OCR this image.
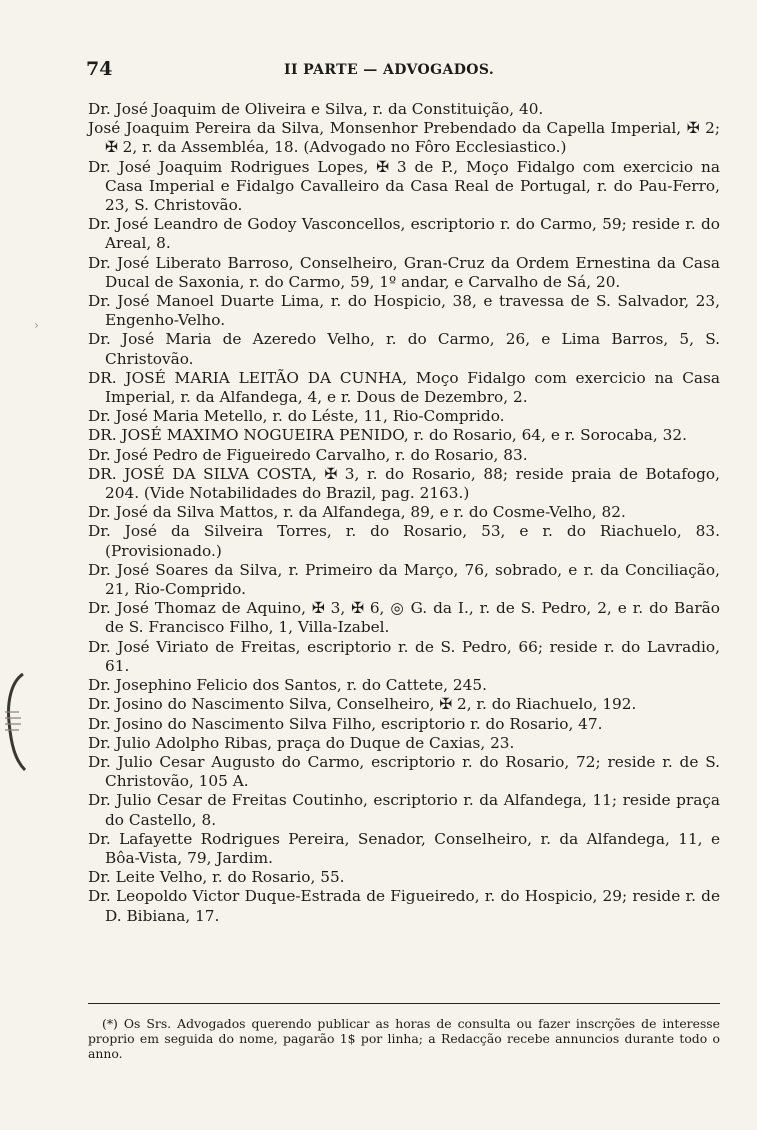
74	II PARTE — ADVOGADOS.

Dr. José Joaquim de Oliveira e Silva, r. da Constituição, 40.

José Joaquim Pereira da Silva, Monsenhor Prebendado da Capella Imperial, ✠ 2; ✠ 2, r. da Assembléa, 18. (Advogado no Fôro Ecclesiastico.)

Dr. José Joaquim Rodrigues Lopes, ✠ 3 de P., Moço Fidalgo com exercicio na Casa Imperial e Fidalgo Cavalleiro da Casa Real de Portugal, r. do Pau-Ferro, 23, S. Christovão.

Dr. José Leandro de Godoy Vasconcellos, escriptorio r. do Carmo, 59; reside r. do Areal, 8.

Dr. José Liberato Barroso, Conselheiro, Gran-Cruz da Ordem Ernestina da Casa Ducal de Saxonia, r. do Carmo, 59, 1º andar, e Carvalho de Sá, 20.

Dr. José Manoel Duarte Lima, r. do Hospicio, 38, e travessa de S. Salvador, 23, Engenho-Velho.

Dr. José Maria de Azeredo Velho, r. do Carmo, 26, e Lima Barros, 5, S. Christovão.

DR. JOSÉ MARIA LEITÃO DA CUNHA, Moço Fidalgo com exercicio na Casa Imperial, r. da Alfandega, 4, e r. Dous de Dezembro, 2.

Dr. José Maria Metello, r. do Léste, 11, Rio-Comprido.

DR. JOSÉ MAXIMO NOGUEIRA PENIDO, r. do Rosario, 64, e r. Sorocaba, 32.

Dr. José Pedro de Figueiredo Carvalho, r. do Rosario, 83.

DR. JOSÉ DA SILVA COSTA, ✠ 3, r. do Rosario, 88; reside praia de Botafogo, 204. (Vide Notabilidades do Brazil, pag. 2163.)

Dr. José da Silva Mattos, r. da Alfandega, 89, e r. do Cosme-Velho, 82.

Dr. José da Silveira Torres, r. do Rosario, 53, e r. do Riachuelo, 83. (Provisionado.)

Dr. José Soares da Silva, r. Primeiro da Março, 76, sobrado, e r. da Conciliação, 21, Rio-Comprido.

Dr. José Thomaz de Aquino, ✠ 3, ✠ 6, ◎ G. da I., r. de S. Pedro, 2, e r. do Barão de S. Francisco Filho, 1, Villa-Izabel.

Dr. José Viriato de Freitas, escriptorio r. de S. Pedro, 66; reside r. do Lavradio, 61.

Dr. Josephino Felicio dos Santos, r. do Cattete, 245.

Dr. Josino do Nascimento Silva, Conselheiro, ✠ 2, r. do Riachuelo, 192.

Dr. Josino do Nascimento Silva Filho, escriptorio r. do Rosario, 47.

Dr. Julio Adolpho Ribas, praça do Duque de Caxias, 23.

Dr. Julio Cesar Augusto do Carmo, escriptorio r. do Rosario, 72; reside r. de S. Christovão, 105 A.

Dr. Julio Cesar de Freitas Coutinho, escriptorio r. da Alfandega, 11; reside praça do Castello, 8.

Dr. Lafayette Rodrigues Pereira, Senador, Conselheiro, r. da Alfandega, 11, e Bôa-Vista, 79, Jardim.

Dr. Leite Velho, r. do Rosario, 55.

Dr. Leopoldo Victor Duque-Estrada de Figueiredo, r. do Hospicio, 29; reside r. de D. Bibiana, 17.

(*) Os Srs. Advogados querendo publicar as horas de consulta ou fazer inscrções de interesse proprio em seguida do nome, pagarão 1$ por linha; a Redacção recebe annuncios durante todo o anno.

›
